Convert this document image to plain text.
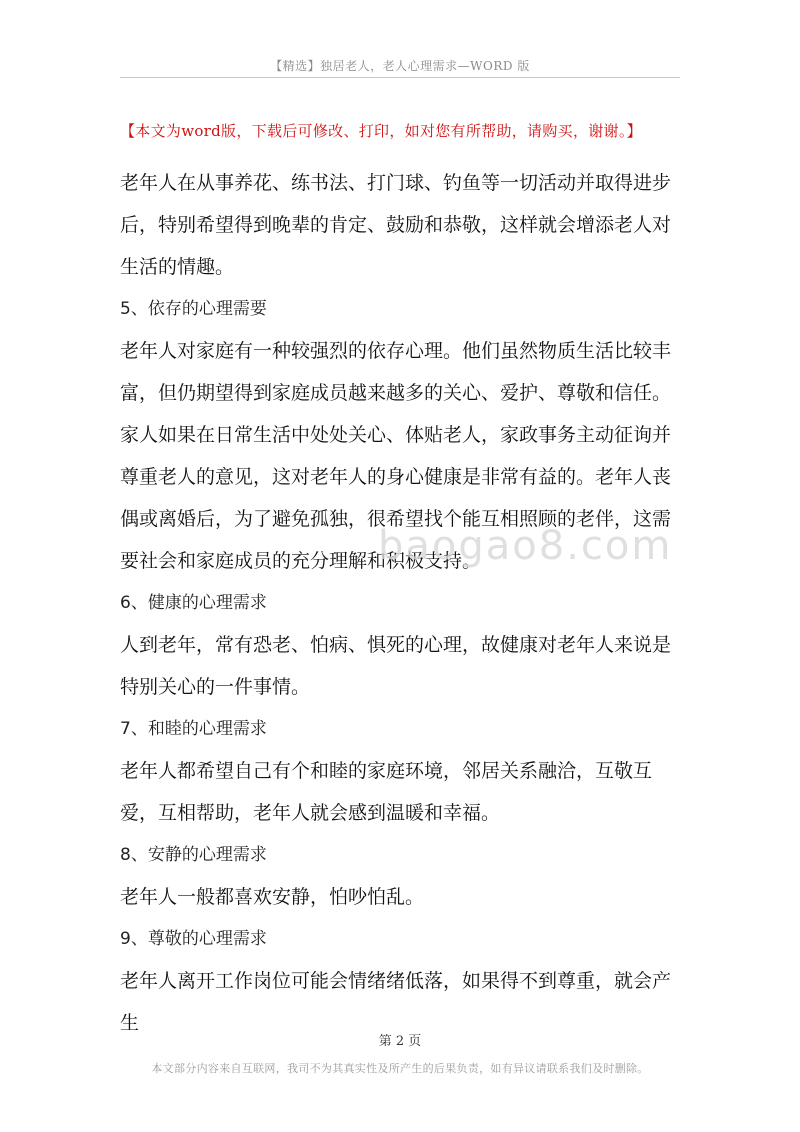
【精选】独居老人，老人心理需求—WORD 版
【本文为word版，下载后可修改、打印，如对您有所帮助，请购买，谢谢。】

老年人在从事养花、练书法、打门球、钓鱼等一切活动并取得进步后，特别希望得到晚辈的肯定、鼓励和恭敬，这样就会增添老人对生活的情趣。

5、依存的心理需要

老年人对家庭有一种较强烈的依存心理。他们虽然物质生活比较丰富，但仍期望得到家庭成员越来越多的关心、爱护、尊敬和信任。家人如果在日常生活中处处关心、体贴老人，家政事务主动征询并尊重老人的意见，这对老年人的身心健康是非常有益的。老年人丧偶或离婚后，为了避免孤独，很希望找个能互相照顾的老伴，这需要社会和家庭成员的充分理解和积极支持。

6、健康的心理需求

人到老年，常有恐老、怕病、惧死的心理，故健康对老年人来说是特别关心的一件事情。

7、和睦的心理需求

老年人都希望自己有个和睦的家庭环境，邻居关系融洽，互敬互爱，互相帮助，老年人就会感到温暖和幸福。

8、安静的心理需求

老年人一般都喜欢安静，怕吵怕乱。

9、尊敬的心理需求

老年人离开工作岗位可能会情绪绪低落，如果得不到尊重，就会产生

baogao8.com
第 2 页
本文部分内容来自互联网，我司不为其真实性及所产生的后果负责，如有异议请联系我们及时删除。
